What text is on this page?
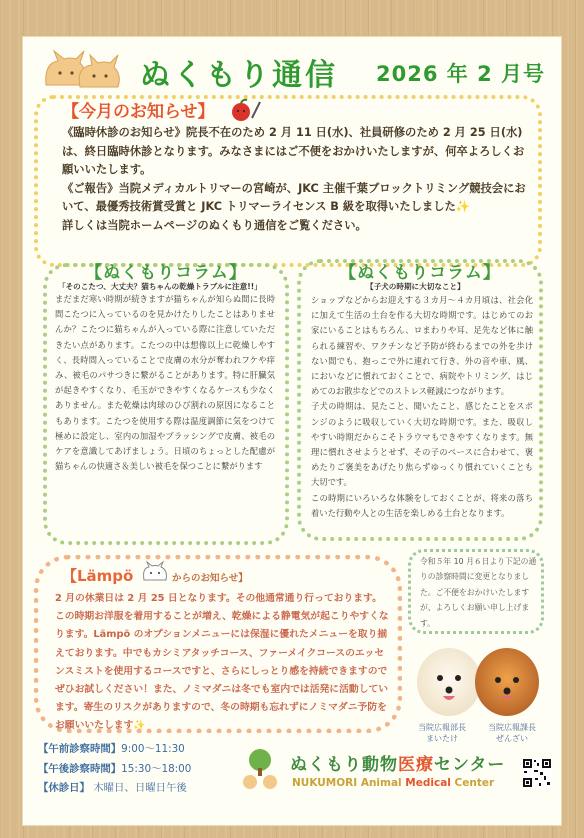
ぬくもり通信 2026 年 2 月号
【今月のお知らせ】

《臨時休診のお知らせ》院長不在のため 2 月 11 日(水)、社員研修のため 2 月 25 日(水)は、終日臨時休診となります。みなさまにはご不便をおかけいたしますが、何卒よろしくお願いいたします。

《ご報告》当院メディカルトリマーの宮崎が、JKC 主催千葉ブロックトリミング競技会において、最優秀技術賞受賞と JKC トリマーライセンス B 級を取得いたしました✨

詳しくは当院ホームページのぬくもり通信をご覧ください。

【ぬくもりコラム】
「そのこたつ、大丈夫？猫ちゃんの乾燥トラブルに注意!!」
まだまだ寒い時期が続きますが猫ちゃんが知らぬ間に長時間こたつに入っているのを見かけたりしたことはありませんか？こたつに猫ちゃんが入っている際に注意していただきたい点があります。こたつの中は想像以上に乾燥しやすく、長時間入っていることで皮膚の水分が奪われフケや痒み、被毛のパサつきに繋がることがあります。特に肝臓気が起きやすくなり、毛玉ができやすくなるケースも少なくありません。また乾燥は肉球のひび割れの原因になることもあります。こたつを使用する際は温度調節に気をつけて極めに設定し、室内の加湿やブラッシングで皮膚、被毛のケアを意識してあげましょう。日頃のちょっとした配慮が猫ちゃんの快適さ＆美しい被毛を保つことに繋がります
【ぬくもりコラム】
【子犬の時期に大切なこと】

ショップなどからお迎えする３カ月～４カ月頃は、社会化に加えて生活の土台を作る大切な時期です。はじめてのお家にいることはもちろん、ロまわりや耳、足先など体に触られる練習や、ワクチンなど予防が終わるまでの外を歩けない間でも、抱っこで外に連れて行き、外の音や車、風、においなどに慣れておくことで、病院やトリミング、はじめてのお散歩などでのストレス軽減につながります。

子犬の時期は、見たこと、聞いたこと、感じたことをスポンジのように吸収していく大切な時期です。また、吸収しやすい時期だからこそトラウマもできやすくなります。無理に慣れさせようとせず、その子のペースに合わせて、褒めたりご褒美をあげたり焦らずゆっくり慣れていくことも大切です。

この時期にいろいろな体験をしておくことが、将来の落ち着いた行動や人との生活を楽しめる土台となります。

【Lämpö	からのお知らせ】
2 月の休業日は 2 月 25 日となります。その他通常通り行っております。この時期お洋服を着用することが増え、乾燥による静電気が起こりやすくなります。Lämpö のオプションメニューには保湿に優れたメニューを取り揃えております。中でもカシミアタッチコース、ファーメイクコースのエッセンスミストを使用するコースですと、さらにしっとり感を持続できますのでぜひお試しください！また、ノミマダニは冬でも室内では活発に活動しています。寄生のリスクがありますので、冬の時期も忘れずにノミマダニ予防をお願いいたします✨
令和５年 10 月６日より下記の通りの診察時間に変更となりました。ご不便をおかけいたしますが、よろしくお願い申し上げます。
当院広報部長
まいたけ
当院広報課長
ぜんざい
【午前診察時間】9:00～11:30
【午後診察時間】15:30～18:00
【休診日】 木曜日、日曜日午後
ぬくもり動物医療センター
NUKUMORI Animal Medical Center
